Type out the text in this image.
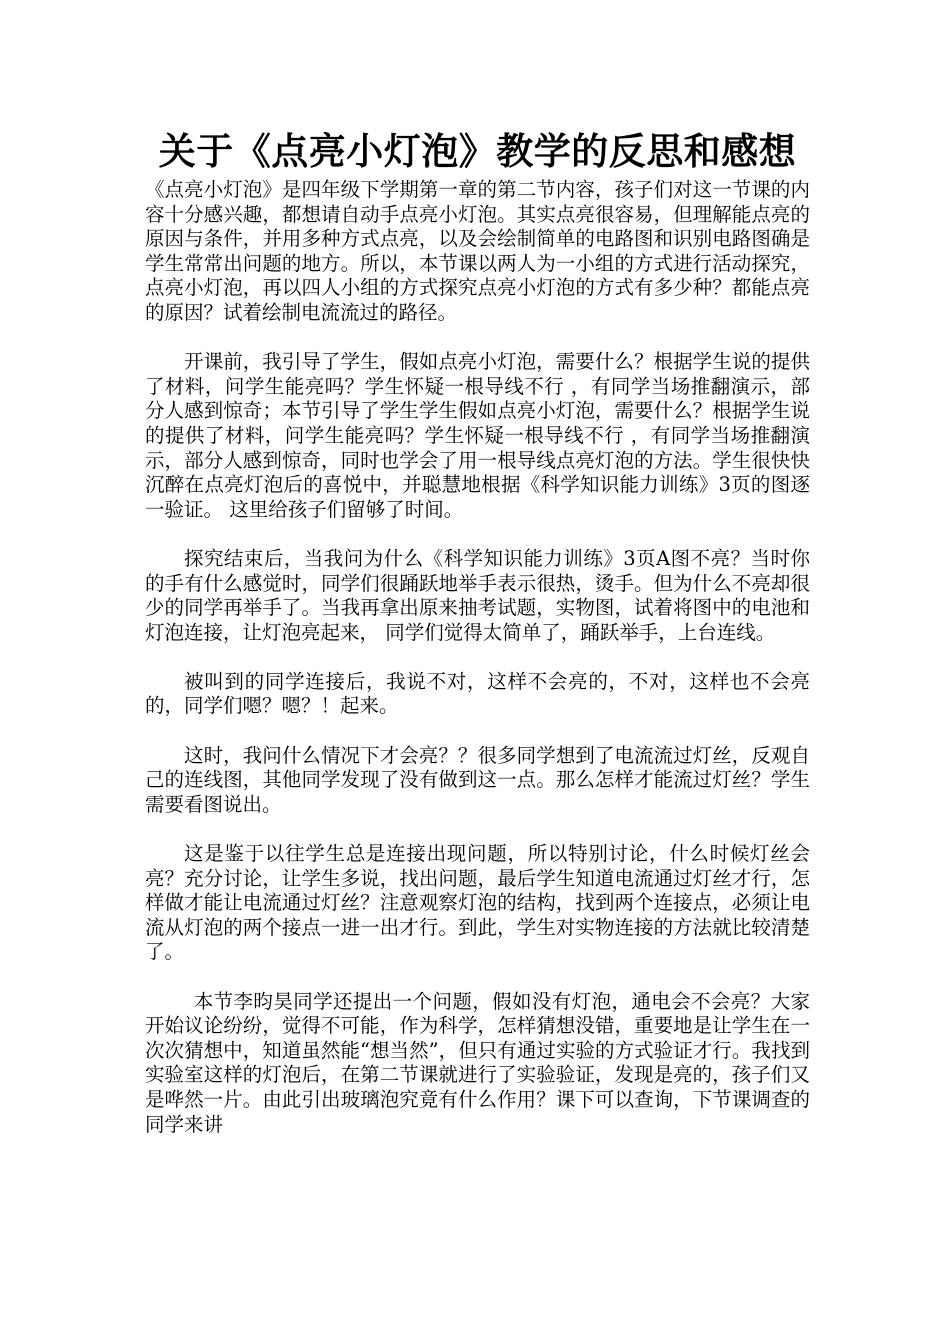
关于《点亮小灯泡》教学的反思和感想

《点亮小灯泡》是四年级下学期第一章的第二节内容，孩子们对这一节课的内容十分感兴趣，都想请自动手点亮小灯泡。其实点亮很容易，但理解能点亮的原因与条件，并用多种方式点亮，以及会绘制简单的电路图和识别电路图确是学生常常出问题的地方。所以，本节课以两人为一小组的方式进行活动探究，点亮小灯泡，再以四人小组的方式探究点亮小灯泡的方式有多少种？都能点亮的原因？试着绘制电流流过的路径。

开课前，我引导了学生，假如点亮小灯泡，需要什么？根据学生说的提供了材料，问学生能亮吗？学生怀疑一根导线不行 ，有同学当场推翻演示，部分人感到惊奇；本节引导了学生学生假如点亮小灯泡，需要什么？根据学生说的提供了材料，问学生能亮吗？学生怀疑一根导线不行 ，有同学当场推翻演示，部分人感到惊奇，同时也学会了用一根导线点亮灯泡的方法。学生很快快沉醉在点亮灯泡后的喜悦中，并聪慧地根据《科学知识能力训练》3页的图逐一验证。 这里给孩子们留够了时间。

探究结束后，当我问为什么《科学知识能力训练》3页A图不亮？当时你的手有什么感觉时，同学们很踊跃地举手表示很热，烫手。但为什么不亮却很少的同学再举手了。当我再拿出原来抽考试题，实物图，试着将图中的电池和灯泡连接，让灯泡亮起来， 同学们觉得太简单了，踊跃举手，上台连线。

被叫到的同学连接后，我说不对，这样不会亮的，不对，这样也不会亮的，同学们嗯？嗯？！起来。

这时，我问什么情况下才会亮？？很多同学想到了电流流过灯丝，反观自己的连线图，其他同学发现了没有做到这一点。那么怎样才能流过灯丝？学生需要看图说出。

这是鉴于以往学生总是连接出现问题，所以特别讨论，什么时候灯丝会亮？充分讨论，让学生多说，找出问题，最后学生知道电流通过灯丝才行，怎样做才能让电流通过灯丝？注意观察灯泡的结构，找到两个连接点，必须让电流从灯泡的两个接点一进一出才行。到此，学生对实物连接的方法就比较清楚了。

本节李昀昊同学还提出一个问题，假如没有灯泡，通电会不会亮？大家开始议论纷纷，觉得不可能，作为科学，怎样猜想没错，重要地是让学生在一次次猜想中，知道虽然能“想当然”，但只有通过实验的方式验证才行。我找到实验室这样的灯泡后，在第二节课就进行了实验验证，发现是亮的，孩子们又是哗然一片。由此引出玻璃泡究竟有什么作用？课下可以查询，下节课调查的同学来讲
